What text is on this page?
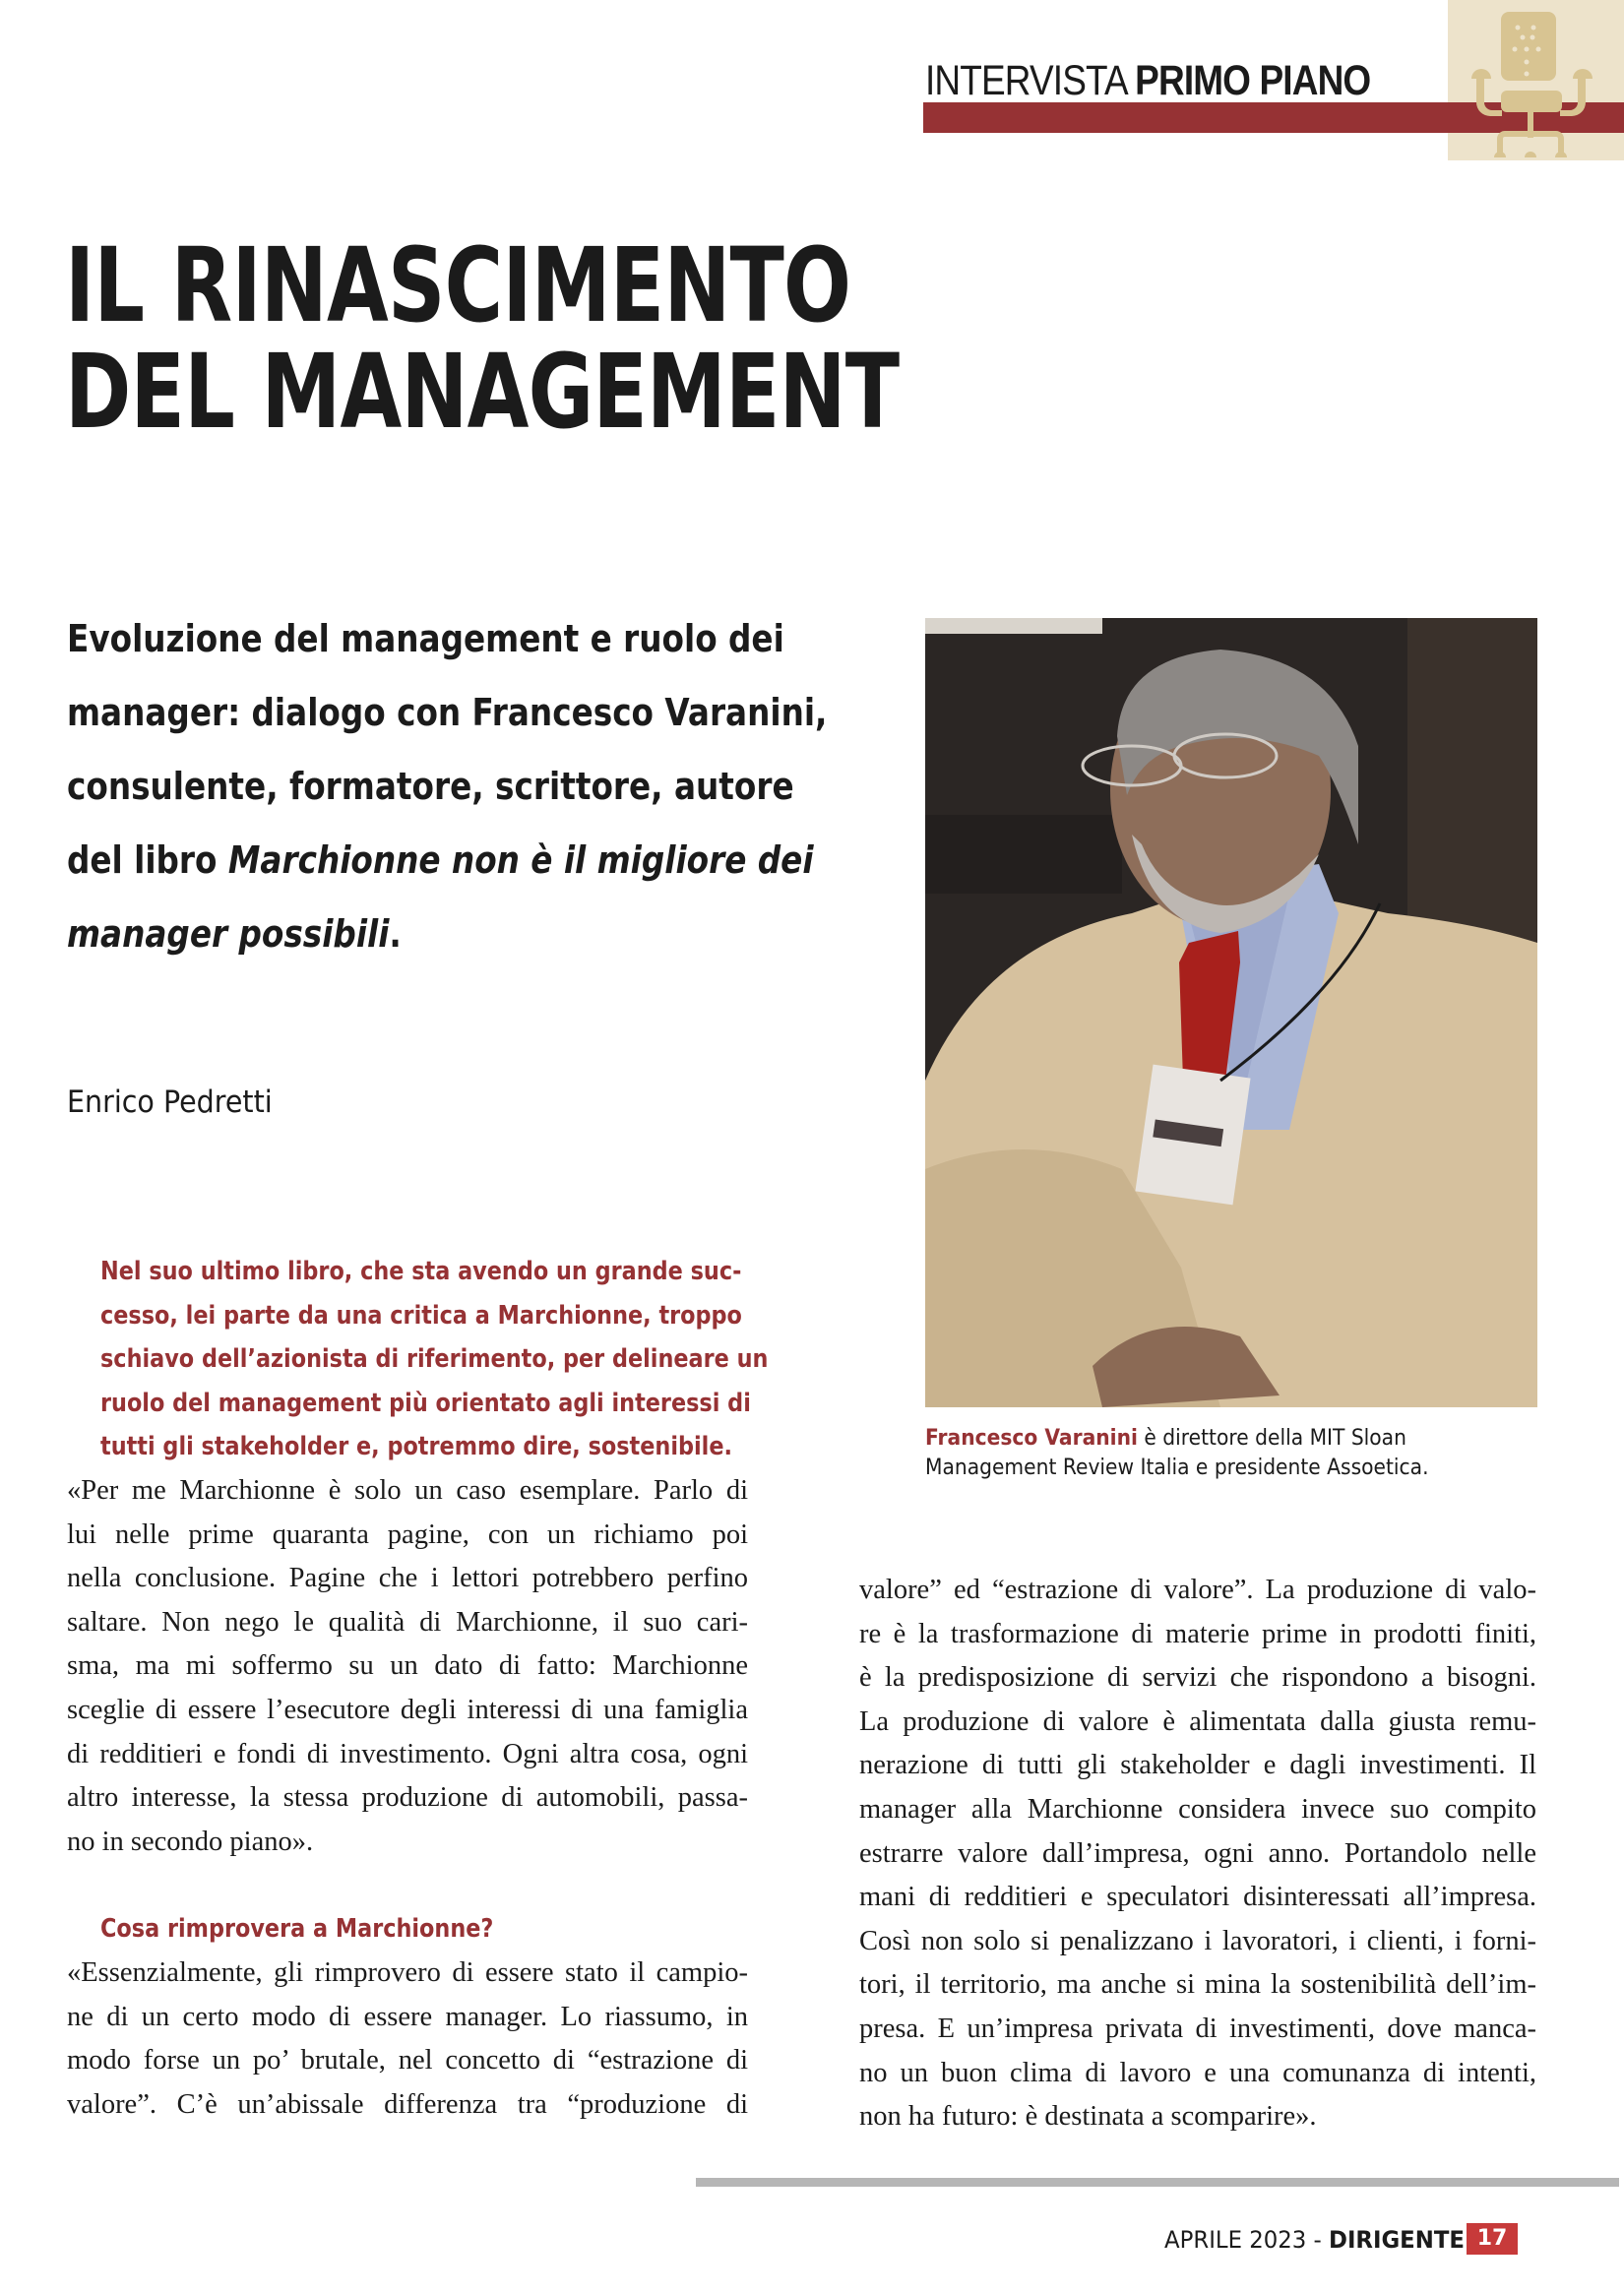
INTERVISTA PRIMO PIANO
IL RINASCIMENTO
DEL MANAGEMENT
Evoluzione del management e ruolo dei
manager: dialogo con Francesco Varanini,
consulente, formatore, scrittore, autore
del libro Marchionne non è il migliore dei
manager possibili.
Enrico Pedretti
Francesco Varanini è direttore della MIT Sloan
Management Review Italia e presidente Assoetica.
Nel suo ultimo libro, che sta avendo un grande suc-
cesso, lei parte da una critica a Marchionne, troppo
schiavo dell’azionista di riferimento, per delineare un
ruolo del management più orientato agli interessi di
tutti gli stakeholder e, potremmo dire, sostenibile.
«Per me Marchionne è solo un caso esemplare. Parlo di
lui nelle prime quaranta pagine, con un richiamo poi
nella conclusione. Pagine che i lettori potrebbero perfino
saltare. Non nego le qualità di Marchionne, il suo cari-
sma, ma mi soffermo su un dato di fatto: Marchionne
sceglie di essere l’esecutore degli interessi di una famiglia
di redditieri e fondi di investimento. Ogni altra cosa, ogni
altro interesse, la stessa produzione di automobili, passa-
no in secondo piano».
Cosa rimprovera a Marchionne?
«Essenzialmente, gli rimprovero di essere stato il campio-
ne di un certo modo di essere manager. Lo riassumo, in
modo forse un po’ brutale, nel concetto di “estrazione di
valore”. C’è un’abissale differenza tra “produzione di
valore” ed “estrazione di valore”. La produzione di valo-
re è la trasformazione di materie prime in prodotti finiti,
è la predisposizione di servizi che rispondono a bisogni.
La produzione di valore è alimentata dalla giusta remu-
nerazione di tutti gli stakeholder e dagli investimenti. Il
manager alla Marchionne considera invece suo compito
estrarre valore dall’impresa, ogni anno. Portandolo nelle
mani di redditieri e speculatori disinteressati all’impresa.
Così non solo si penalizzano i lavoratori, i clienti, i forni-
tori, il territorio, ma anche si mina la sostenibilità dell’im-
presa. E un’impresa privata di investimenti, dove manca-
no un buon clima di lavoro e una comunanza di intenti,
non ha futuro: è destinata a scomparire».
APRILE 2023 - DIRIGENTE 17
